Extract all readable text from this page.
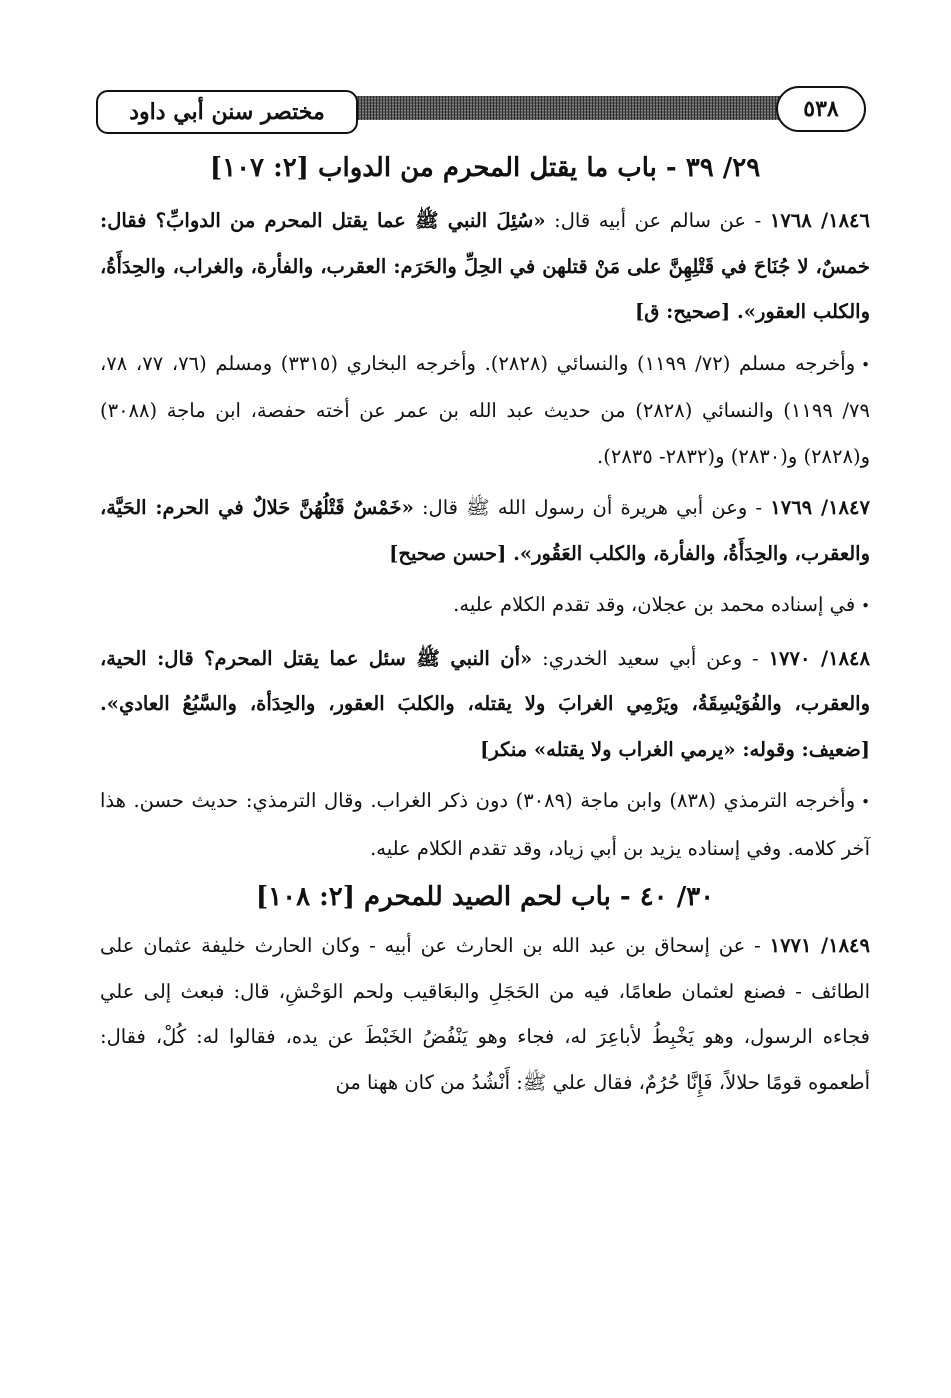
٥٣٨
مختصر سنن أبي داود

٢٩/ ٣٩ - باب ما يقتل المحرم من الدواب [٢: ١٠٧]

١٨٤٦/ ١٧٦٨ - عن سالم عن أبيه قال: «سُئِلَ النبي ﷺ عما يقتل المحرم من الدوابِّ؟ فقال: خمسٌ، لا جُنَاحَ في قَتْلِهِنَّ على مَنْ قتلهن في الحِلِّ والحَرَم: العقرب، والفأرة، والغراب، والحِدَأَةُ، والكلب العقور». [صحيح: ق]

•وأخرجه مسلم (٧٢/ ١١٩٩) والنسائي (٢٨٢٨). وأخرجه البخاري (٣٣١٥) ومسلم (٧٦، ٧٧، ٧٨، ٧٩/ ١١٩٩) والنسائي (٢٨٢٨) من حديث عبد الله بن عمر عن أخته حفصة، ابن ماجة (٣٠٨٨) و(٢٨٢٨) و(٢٨٣٠) و(٢٨٣٢- ٢٨٣٥).

١٨٤٧/ ١٧٦٩ - وعن أبي هريرة أن رسول الله ﷺ قال: «خَمْسٌ قَتْلُهُنَّ حَلالٌ في الحرم: الحَيَّة، والعقرب، والحِدَأَةُ، والفأرة، والكلب العَقُور». [حسن صحيح]

•في إسناده محمد بن عجلان، وقد تقدم الكلام عليه.

١٨٤٨/ ١٧٧٠ - وعن أبي سعيد الخدري: «أن النبي ﷺ سئل عما يقتل المحرم؟ قال: الحية، والعقرب، والفُوَيْسِقَةُ، ويَرْمِي الغرابَ ولا يقتله، والكلبَ العقور، والحِدَأة، والسَّبُعُ العادي». [ضعيف: وقوله: «يرمي الغراب ولا يقتله» منكر]

•وأخرجه الترمذي (٨٣٨) وابن ماجة (٣٠٨٩) دون ذكر الغراب. وقال الترمذي: حديث حسن. هذا آخر كلامه. وفي إسناده يزيد بن أبي زياد، وقد تقدم الكلام عليه.

٣٠/ ٤٠ - باب لحم الصيد للمحرم [٢: ١٠٨]

١٨٤٩/ ١٧٧١ - عن إسحاق بن عبد الله بن الحارث عن أبيه - وكان الحارث خليفة عثمان على الطائف - فصنع لعثمان طعامًا، فيه من الحَجَلِ والبعَاقيب ولحم الوَحْشِ، قال: فبعث إلى علي فجاءه الرسول، وهو يَخْبِطُ لأباعِرَ له، فجاء وهو يَنْفُضُ الخَبْطَ عن يده، فقالوا له: كُلْ، فقال: أطعموه قومًا حلالاً، فَإِنَّا حُرُمٌ، فقال علي ﷺ: أَنْشُدُ من كان ههنا من
